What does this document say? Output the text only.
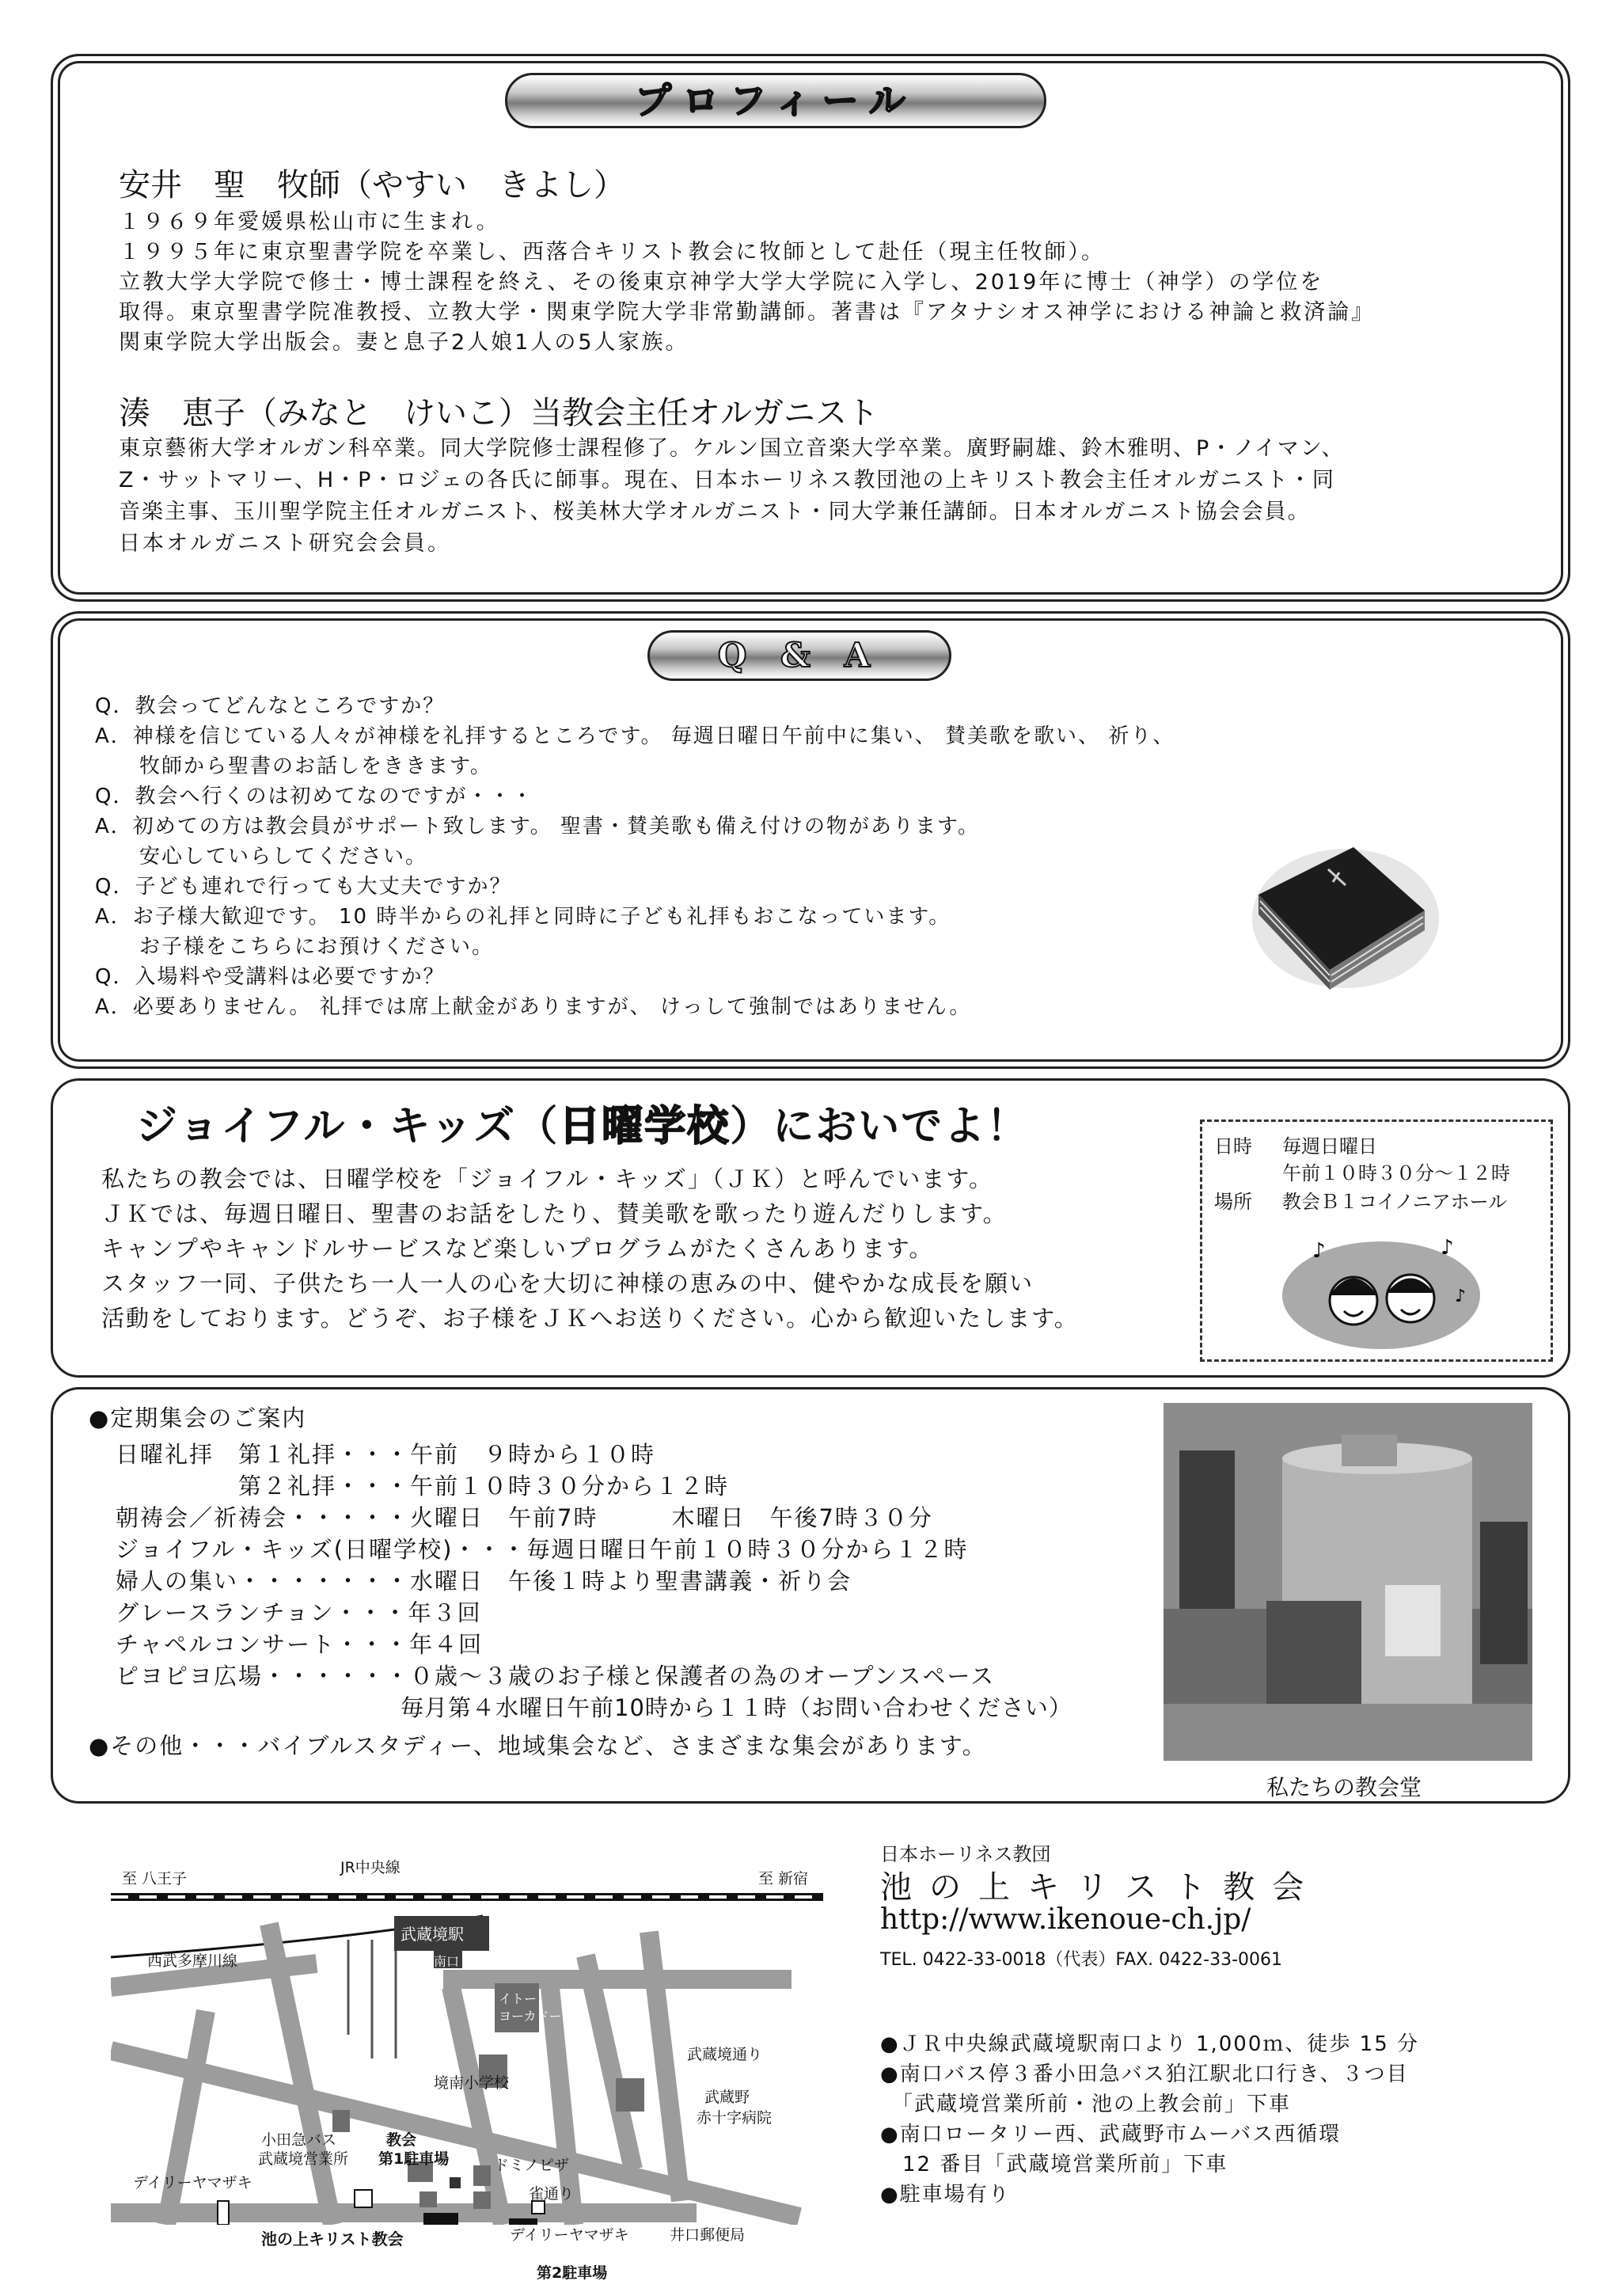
プロフィール
安井　聖　牧師（やすい　きよし）
１９６９年愛媛県松山市に生まれ。
１９９５年に東京聖書学院を卒業し、西落合キリスト教会に牧師として赴任（現主任牧師）。
立教大学大学院で修士・博士課程を終え、その後東京神学大学大学院に入学し、2019年に博士（神学）の学位を
取得。東京聖書学院准教授、立教大学・関東学院大学非常勤講師。著書は『アタナシオス神学における神論と救済論』
関東学院大学出版会。妻と息子2人娘1人の5人家族。
湊　恵子（みなと　けいこ）当教会主任オルガニスト
東京藝術大学オルガン科卒業。同大学院修士課程修了。ケルン国立音楽大学卒業。廣野嗣雄、鈴木雅明、P・ノイマン、
Z・サットマリー、H・P・ロジェの各氏に師事。現在、日本ホーリネス教団池の上キリスト教会主任オルガニスト・同
音楽主事、玉川聖学院主任オルガニスト、桜美林大学オルガニスト・同大学兼任講師。日本オルガニスト協会会員。
日本オルガニスト研究会会員。
Q & A
Q．教会ってどんなところですか？
A．神様を信じている人々が神様を礼拝するところです。 毎週日曜日午前中に集い、 賛美歌を歌い、 祈り、
　　牧師から聖書のお話しをききます。
Q．教会へ行くのは初めてなのですが・・・
A．初めての方は教会員がサポート致します。 聖書・賛美歌も備え付けの物があります。
　　安心していらしてください。
Q．子ども連れで行っても大丈夫ですか？
A．お子様大歓迎です。 10 時半からの礼拝と同時に子ども礼拝もおこなっています。
　　お子様をこちらにお預けください。
Q．入場料や受講料は必要ですか？
A．必要ありません。 礼拝では席上献金がありますが、 けっして強制ではありません。
ジョイフル・キッズ（日曜学校）においでよ！
私たちの教会では、日曜学校を「ジョイフル・キッズ」（ＪＫ）と呼んでいます。
ＪＫでは、毎週日曜日、聖書のお話をしたり、賛美歌を歌ったり遊んだりします。
キャンプやキャンドルサービスなど楽しいプログラムがたくさんあります。
スタッフ一同、子供たち一人一人の心を大切に神様の恵みの中、健やかな成長を願い
活動をしております。どうぞ、お子様をＪＫへお送りください。心から歓迎いたします。
日時 毎週日曜日
午前１０時３０分～１２時
場所 教会Ｂ１コイノニアホール
♪	♪
♪
●定期集会のご案内
日曜礼拝　第１礼拝・・・午前　９時から１０時
　　　　　第２礼拝・・・午前１０時３０分から１２時
朝祷会／祈祷会・・・・・火曜日　午前7時　　　木曜日　午後7時３０分
ジョイフル・キッズ(日曜学校)・・・毎週日曜日午前１０時３０分から１２時
婦人の集い・・・・・・・水曜日　午後１時より聖書講義・祈り会
グレースランチョン・・・年３回
チャペルコンサート・・・年４回
ピヨピヨ広場・・・・・・０歳～３歳のお子様と保護者の為のオープンスペース
　　　　　　　　　　　　毎月第４水曜日午前10時から１１時（お問い合わせください）
●その他・・・バイブルスタディー、地域集会など、さまざまな集会があります。
私たちの教会堂
至 八王子
JR中央線
至 新宿
武蔵境駅
南口
西武多摩川線
イトー
ヨーカドー
武蔵境通り
境南小学校
武蔵野
赤十字病院
小田急バス
武蔵境営業所
教会
第1駐車場	ドミノピザ
デイリーヤマザキ
雀通り
デイリーヤマザキ	井口郵便局
池の上キリスト教会
第2駐車場
日本ホーリネス教団
池の上キリスト教会
http://www.ikenoue-ch.jp/
TEL. 0422-33-0018（代表）FAX. 0422-33-0061
●ＪＲ中央線武蔵境駅南口より 1,000ｍ、徒歩 15 分
●南口バス停３番小田急バス狛江駅北口行き、３つ目
　「武蔵境営業所前・池の上教会前」下車
●南口ロータリー西、武蔵野市ムーバス西循環
　12 番目「武蔵境営業所前」下車
●駐車場有り
